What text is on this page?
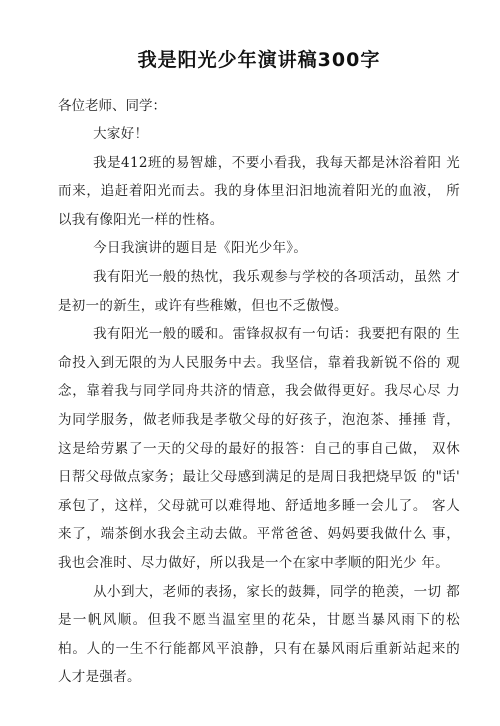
我是阳光少年演讲稿300字

各位老师、同学：

大家好！

我是412班的易智雄，不要小看我，我每天都是沐浴着阳 光而来，追赶着阳光而去。我的身体里汩汩地流着阳光的血液， 所以我有像阳光一样的性格。

今日我演讲的题目是《阳光少年》。

我有阳光一般的热忱，我乐观参与学校的各项活动，虽然 才是初一的新生，或许有些稚嫩，但也不乏傲慢。

我有阳光一般的暖和。雷锋叔叔有一句话：我要把有限的 生命投入到无限的为人民服务中去。我坚信，靠着我新锐不俗的 观念，靠着我与同学同舟共济的情意，我会做得更好。我尽心尽 力为同学服务，做老师我是孝敬父母的好孩子，泡泡茶、捶捶 背，这是给劳累了一天的父母的最好的报答：自己的事自己做， 双休日帮父母做点家务；最让父母感到满足的是周日我把烧早饭 的"话' 承包了，这样，父母就可以难得地、舒适地多睡一会儿了。 客人来了，端茶倒水我会主动去做。平常爸爸、妈妈要我做什么 事，我也会准时、尽力做好，所以我是一个在家中孝顺的阳光少 年。

从小到大，老师的表扬，家长的鼓舞，同学的艳羡，一切 都是一帆风顺。但我不愿当温室里的花朵，甘愿当暴风雨下的松 柏。人的一生不行能都风平浪静，只有在暴风雨后重新站起来的 人才是强者。
